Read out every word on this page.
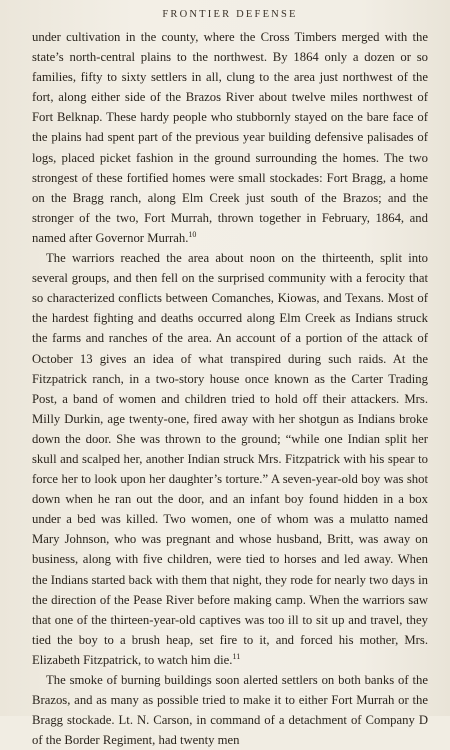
FRONTIER DEFENSE

under cultivation in the county, where the Cross Timbers merged with the state’s north-central plains to the northwest. By 1864 only a dozen or so families, fifty to sixty settlers in all, clung to the area just northwest of the fort, along either side of the Brazos River about twelve miles northwest of Fort Belknap. These hardy people who stubbornly stayed on the bare face of the plains had spent part of the previous year building defensive palisades of logs, placed picket fashion in the ground surrounding the homes. The two strongest of these fortified homes were small stockades: Fort Bragg, a home on the Bragg ranch, along Elm Creek just south of the Brazos; and the stronger of the two, Fort Murrah, thrown together in February, 1864, and named after Governor Murrah.$^{10}$

The warriors reached the area about noon on the thirteenth, split into several groups, and then fell on the surprised community with a ferocity that so characterized conflicts between Comanches, Kiowas, and Texans. Most of the hardest fighting and deaths occurred along Elm Creek as Indians struck the farms and ranches of the area. An account of a portion of the attack of October 13 gives an idea of what transpired during such raids. At the Fitzpatrick ranch, in a two-story house once known as the Carter Trading Post, a band of women and children tried to hold off their attackers. Mrs. Milly Durkin, age twenty-one, fired away with her shotgun as Indians broke down the door. She was thrown to the ground; “while one Indian split her skull and scalped her, another Indian struck Mrs. Fitzpatrick with his spear to force her to look upon her daughter’s torture.” A seven-year-old boy was shot down when he ran out the door, and an infant boy found hidden in a box under a bed was killed. Two women, one of whom was a mulatto named Mary Johnson, who was pregnant and whose husband, Britt, was away on business, along with five children, were tied to horses and led away. When the Indians started back with them that night, they rode for nearly two days in the direction of the Pease River before making camp. When the warriors saw that one of the thirteen-year-old captives was too ill to sit up and travel, they tied the boy to a brush heap, set fire to it, and forced his mother, Mrs. Elizabeth Fitzpatrick, to watch him die.$^{11}$

The smoke of burning buildings soon alerted settlers on both banks of the Brazos, and as many as possible tried to make it to either Fort Murrah or the Bragg stockade. Lt. N. Carson, in command of a detachment of Company D of the Border Regiment, had twenty men
